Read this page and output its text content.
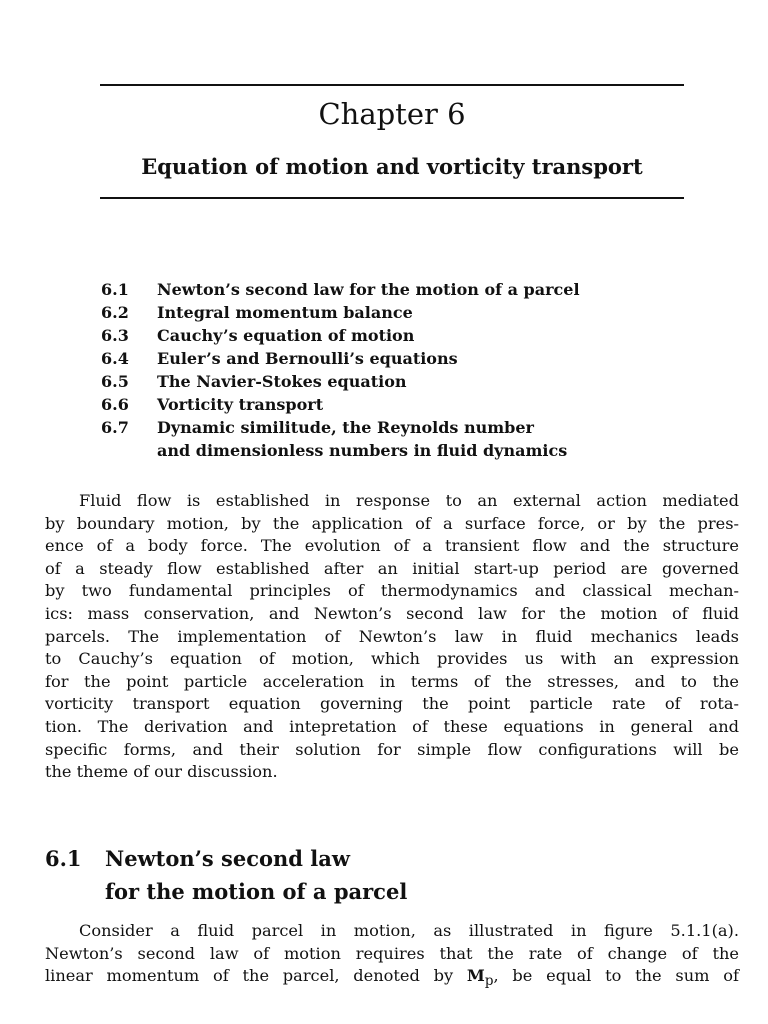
Chapter 6
Equation of motion and vorticity transport
6.1	Newton’s second law for the motion of a parcel
6.2	Integral momentum balance
6.3	Cauchy’s equation of motion
6.4	Euler’s and Bernoulli’s equations
6.5	The Navier-Stokes equation
6.6	Vorticity transport
6.7	Dynamic similitude, the Reynolds number
and dimensionless numbers in fluid dynamics
Fluid flow is established in response to an external action mediated
by boundary motion, by the application of a surface force, or by the pres-
ence of a body force. The evolution of a transient flow and the structure
of a steady flow established after an initial start-up period are governed
by two fundamental principles of thermodynamics and classical mechan-
ics: mass conservation, and Newton’s second law for the motion of fluid
parcels. The implementation of Newton’s law in fluid mechanics leads
to Cauchy’s equation of motion, which provides us with an expression
for the point particle acceleration in terms of the stresses, and to the
vorticity transport equation governing the point particle rate of rota-
tion. The derivation and intepretation of these equations in general and
specific forms, and their solution for simple flow configurations will be
the theme of our discussion.
6.1	Newton’s second law
for the motion of a parcel
Consider a fluid parcel in motion, as illustrated in figure 5.1.1(a).
Newton’s second law of motion requires that the rate of change of the
linear momentum of the parcel, denoted by $M_p$, be equal to the sum of
